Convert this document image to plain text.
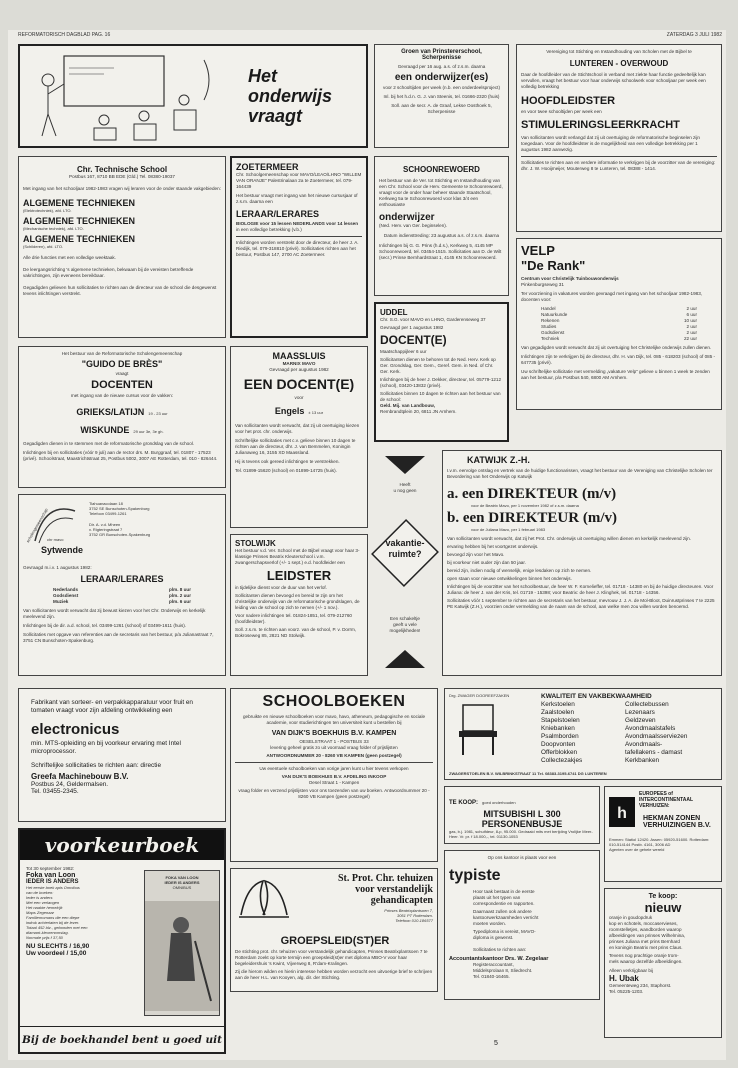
REFORMATORISCH DAGBLAD PAG. 16	ZATERDAG 3 JULI 1982
Het
onderwijs
vraagt
Groen van Prinstererschool,
Scherpenisse
Gevraagd per 16 aug. a.s. of z.s.m. daarna
een onderwijzer(es)
voor 2 schooltijden per week (n.b. een onderdeelsproject)
Inl. bij het h.d.n. G. J. van Steenis, tel. 01666-2320 (huis)
Soll. aan de secr. A. de Graaf, Lekse Oosthoek 5, Scherpenisse
Vereniging tot Stichting en Instandhouding van Scholen met de Bijbel te
LUNTEREN - OVERWOUD
Daar de hoofdleider van de Stichtschool in verband met ziekte haar functie gedeeltelijk kan vervullen, vraagt het bestuur voor haar onderwijs schoolwerk voor schooljaar per week een volledig betrekking
HOOFDLEIDSTER
en voor twee schooltijden per week een
STIMULERINGSLEERKRACHT
Van sollicitanten wordt verlangd dat zij uit overtuiging de reformatorische beginselen zijn toegedaan. Voor de hoofdleidster is de mogelijkheid van een volledige betrekking per 1 augustus 1982 aanwezig.
Sollicitaties te richten aan en verdere informatie te verkrijgen bij de voorzitter van de vereniging: dhr. J. W. Hooijmeijer, Mouterweg 8 te Lunteren, tel. 08388 - 1414.
Chr. Technische School
Postbus 167, 8710 BB EDE (Gld.) Tel. 08380-19037
Met ingang van het schooljaar 1982-1983 vragen wij leraren voor de onder staande vakgebieden:
ALGEMENE TECHNIEKEN
(Elektrotechniek), afd. LTO.
ALGEMENE TECHNIEKEN
(Mechanische techniek), afd. LTO.
ALGEMENE TECHNIEKEN
(Schilderen), afd. LTO.
Alle drie functies met een volledige weektaak.
De leergangsrichting 's algemene technieken, bekwaam bij de vereisten betreffende vakrichtingen, zijn eveneens bereikbaar.
Gegadigden gelieven hun sollicitaties te richten aan de directeur van de school die desgewenst tevens inlichtingen verstrekt.
ZOETERMEER
Chr. Schoolgemeenschap voor MAVO/LEAO/LHNO "WILLEM VAN ORANJE" Palestrinalaan 2a te Zoetermeer, tel. 079-164439
Het bestuur vraagt met ingang van het nieuwe cursusjaar of z.s.m. daarna een
LERAAR/LERARES
BIOLOGIE voor 15 lessen NEDERLANDS voor 14 lessen
in een volledige betrekking (v.b.)
Inlichtingen worden verstrekt door de directeur, de heer J. A. Riedijk, tel. 079-318810 (privé). Sollicitaties richten aan het bestuur, Postbus 147, 2700 AC Zoetermeer.
SCHOONREWOERD
Het bestuur van de Ver. tot Stichting en Instandhouding van een Chr. School voor de Herv. Gemeente te Schoonrewoerd, vraagt voor de onder haar beheer staande Staatschool, Kerkweg 5a te Schoonrewoerd voor klas 3/4 een enthousiaste
onderwijzer
(Ned. Herv. van Ger. beginselen).
Datum indiensttreding: 23 augustus a.s. of z.s.m. daarna
Inlichtingen bij G. G. Prins (h.d.s.), Kerkweg 5, 4145 MP Schoonrewoerd, tel. 03454-1515. Sollicitaties aan D. de Wilt (secr.) Prinse Bernhardstraat 1, 4145 KN Schoonrewoerd.	VELP
"De Rank"
Centrum voor Christelijk Tuinbouwonderwijs
Pinkenburgseweg 31
Ter voorziening in vakatures worden gevraagd met ingang van het schooljaar 1982-1983, docenten voor:
Handel	2 uur
Natuurkunde	6 uur
Rekenen	10 uur
Studies	2 uur
Godsdienst	2 uur
Techniek	22 uur
Van gegadigden wordt verwacht dat zij uit overtuiging het Christelijke onderwijs zullen dienen.
Inlichtingen zijn te verkrijgen bij de directeur, dhr. H. van Dijk, tel. 085 - 618203 (school) of 085 - 647735 (privé).
Uw schriftelijke sollicitatie met vermelding „vakature Velp" gelieve u binnen 1 week te zenden aan het bestuur, p/a Postbus 540, 6800 AM Arnhem.
UDDEL
Chr. S.G. voor MAVO en LHNO, Garderenseweg 37
Gevraagd per 1 augustus 1982
DOCENT(E)
Maatschappijleer 6 uur
Sollicitanten dienen te behoren tot de Ned. Herv. Kerk op Ger. Grondslag, Ger. Gem., Geref. Gem. in Ned. of Chr. Ger. Kerk.
Inlichtingen bij de heer J. Dekker, directeur, tel. 05779-1212 (school), 03420-13832 (privé).
Sollicitaties binnen 10 dagen te richten aan het bestuur van de school:
Geld. Mij. van Landbouw,
Rembrandtplein 20, 6811 JN Arnhem.
Het bestuur van de Reformatorische Scholengemeenschap
"GUIDO DE BRÈS"
vraagt
DOCENTEN
met ingang van de nieuwe cursus voor de vakken:
GRIEKS/LATIJN 19 - 23 uur
WISKUNDE 29 uur 3e, 3e gh.
Gegadigden dienen in te stemmen met de reformatorische grondslag van de school.
Inlichtingen bij en sollicitaties (vóór 9 juli) aan de rector drs. M. Burggraaf, tel. 01807 - 17523 (privé). Schoolstraat, Maastrichtstraat 25, Postbus 5002, 3007 AE Rotterdam, tel. 010 - 826444.
MAASSLUIS
MARNIX MAVO
Gevraagd per augustus 1982
EEN DOCENT(E)
voor
Engels ± 13 uur
Van sollicitanten wordt verwacht, dat zij uit overtuiging kiezen voor het prot. chr. onderwijs.
Schriftelijke sollicitaties met c.v. gelieve binnen 10 dagen te richten aan de directeur, dhr. J. van Bemmelen, Koningin Julianaweg 16, 3155 XD Maassland.
Hij is tevens ook gereed inlichtingen te verstrekken.
Tel. 01899-15620 (school) en 01899-14725 (huis).
Heeft
u nog geen
vakantie-
ruimte?
Een schakeltje
geeft u vele
mogelijkheden!
KATWIJK Z.-H.
I.v.m. eervolge ontslag en vertrek van de huidige functionarissen, vraagt het bestuur van de Vereniging van Christelijke Scholen ter Bevordering van het Onderwijs op Katwijk
a. een DIREKTEUR (m/v)
voor de Beatrix Mavo, per 1 november 1982 of z.s.m. daarna
b. een DIREKTEUR (m/v)
voor de Juliana Mavo, per 1 februari 1983
Van sollicitanten wordt verwacht, dat zij het Prot. Chr. onderwijs uit overtuiging willen dienen en kerkelijk meelevend zijn.
ervaring hebben bij het voortgezet onderwijs.
bevoegd zijn voor het Mavo.
bij voorkeur niet ouder zijn dan 50 jaar.
bereid zijn, indien nodig of wenselijk, enige lesdaken op zich te nemen.
open staan voor nieuwe ontwikkelingen binnen het onderwijs.
Inlichtingen bij de voorzitter van het schoolbestuur, de heer W. F. Kornelieffer, tel. 01718 - 14380 en bij de huidige directeuren. Voor Juliana: de heer J. van der Kris, tel. 01719 - 15398; voor Beatrix: de heer J. Klinghek, tel. 01718 - 14356.
Sollicitaties vóór 1 september te richten aan de secretaris van het bestuur, mevrouw J. J. A. de Mol-Bloot, Duinrustprinses 7 te 2225 PE Katwijk (Z.H.), voorzien onder vermelding van de naam van de school, aan welke men zou willen worden benoemd.
scholengemeenschap
chr mavo
Sytwende
Tiahuanacolaan 18
3752 SE Bunschoten-Spakenburg
Telefoon 03499-1261
Dir. A. v.d. Mheen
v. Rigteringstraat 7
3752 GR Bunschoten-Spakenburg
Gevraagd m.i.v. 1 augustus 1982:
LERAAR/LERARES
Nederlands	plm. 8 uur
Godsdienst	plm. 2 uur
Muziek	plm. 6 uur
Van sollicitanten wordt verwacht dat zij bewust kiezen voor het Chr. Onderwijs en kerkelijk meelevend zijn.
Inlichtingen bij de dir. a.d. school, tel. 03499-1261 (school) of 03499-1611 (huis).
Sollicitaties met opgave van referenties aan de secretaris van het bestuur, p/a Julianastraat 7, 3751 CN Bunschoten-Spakenburg.
STOLWIJK
Het bestuur v.d. Ver. School met de Bijbel vraagt voor haar 3-klassige Prinses Beatrix Kleuterschool i.v.m. zwangerschapsverlof (+/- 1 sept.) e.d. hoofdleider een
LEIDSTER
in tijdelijke dienst voor de duur van het verlof.
Sollicitanten dienen bevoegd en bereid te zijn om het christelijke onderwijs van de reformatorische grondslagen, de leiding van de school op zich te nemen (+/- 1 nov.).
Voor nadere inlichtingen tel. 01824-1851, tel. 079-212760 (hoofdleidster).
Soll. z.s.m. te richten aan voorz. van de school, P. v. Dorrm, Bokroseweg 85, 2821 ND Stolwijk.
Fabrikant van sorteer- en verpakkapparatuur voor fruit en tomaten vraagt voor zijn afdeling ontwikkeling een
electronicus
min. MTS-opleiding en bij voorkeur ervaring met Intel microprocessor.
Schriftelijke sollicitaties te richten aan: directie
Greefa Machinebouw B.V.
Postbus 24, Geldermalsen.
Tel. 03455-2345.
SCHOOLBOEKEN
gebruikte en nieuwe schoolboeken voor mavo, havo, atheneum, pedagogische en sociale academie, voor studierichtingen ten universiteit kunt u bestellen bij
VAN DIJK'S BOEKHUIS B.V. KAMPEN
OESELSTRAAT 1 - POSTBUS 33
levering geheel gratis zo uit voorraad vraag folder of prijslijsten
ANTWOORDNUMMER 20 - 8260 VB KAMPEN (geen postzegel)
Uw eventuele schoolboeken van vorige jaren kunt u hier tevens verkopen
VAN DIJK'S BOEKHUIS B.V. AFDELING INKOOP
Oesel Straat 1 - Kampen
vraag folder en verzend prijslijsten voor ons toezenden van uw boeken. Antwoordnummer 20 - 8260 VB Kampen (geen postzegel)
Drg. ZWAGER DOOREEFZAKEN	KWALITEIT EN VAKBEKWAAMHEID
Kerkstoelen
Zaalstoelen
Stapelstoelen
Kniebanken
Psalmborden
Doopvonten
Offerblokken
Collectezakjes
Collectebussen
Lezenaars
Geldzeven
Avondmaalstafels
Avondmaalsserviezen
Avondmaals-
tafellakens - damast
Kerkbanken
ZWAGERSTOELEN B.V. WILBRINKSTRAAT 11 Tel. 08383-3195-6741 DG LUNTEREN
TE KOOP: goed onderhouden
MITSUBISHI L 300
PERSONENBUSJE
gas, b.j. 1981, schuifdeur, 8-p, 95.000. Gedraaid mits met berijding Vrolijke Meer-Heer. Vr. pr. f 18.000,-, tel. 01130-1053
EUROPEES of INTERCONTINENTAAL
VERHUIZEN:
h HEKMAN ZONEN
VERHUIZINGEN B.V.
Emmen: Statiol 12420. Assen: 05920-51600. Rotterdam: 010-514144 Postb. 4161, 3006 AD
Agenten over de gehele wereld
voorkeurboek
Tot 30 september 1982:
Foka van Loon
IEDER IS ANDERS
Het eerste boek apis Omnibus
van de boeken:
Ieder is anders
Met een verlangen
Het naakte hemelrijk
Maps Zegenaar
Familiemomans die een diepe
indruk achterlaten bij de lezer.
Totaal 452 blz., gebonden met een
diamant-kleurenomslag.
Normale prijs f 37,50
NU SLECHTS / 16,90
Uw voordeel / 15,00
FOKA VAN LOON
IEDER IS ANDERS
OMNIBUS
Bij de boekhandel bent u goed uit
St. Prot. Chr. tehuizen
voor verstandelijk
gehandicapten
Prinses Beatrixplantsoen 7,
3051 PT Rotterdam.
Telefoon 010-186577
GROEPSLEID(ST)ER
De stichting prot. chr. tehuizen voor verstandelijk gehandicapten, Prinses Beatrixplantsoen 7 te Rotterdam zoekt op korte termijn een groepsleid(st)er met diploma MBO-V voor haar begeleidershuis 's Kwint, Vijverweg 8, R'dam-Kralingen.
Zij die hierom wilden en hierin interesse hebben worden verzocht een uitvoerige brief te schrijven aan de heer H.L. van Kooyen, alg. dir. der Stichting.
Op ons kantoor is plaats voor een
typiste
Hoor taak bestaat in de eerste
plaats uit het typen van
correspondentie en rapporten.
Daarnaast zullen ook andere
kantoorwerkzaamheden verricht
moeten worden.
Typediploma is vereist, MAVO-
diploma is gewenst.
Sollicitaties te richten aan:
Accountantskantoor Drs. W. Zegelaar
Registeraccountant,
Middelsprolaan 8, Sliedrecht.
Tel. 01840-16465.
Te koop:
nieuw
oranje in goudopdruk
kop en schotels, moccaservieses,
roomstelletjes, wandborden waarop
afbeeldingen van prinses Wilhelmina,
prinses Juliana met prins Bernhard
en koningin Beatrix met prins Claus.
Tevens nog prachtige oranje trom-
mels waarop dezelfde afbeeldingen.
Alleen verkrijgbaar bij
H. Ubak
Gemeenteweg 234, Staphorst.
Tel. 05225-1203.
5
